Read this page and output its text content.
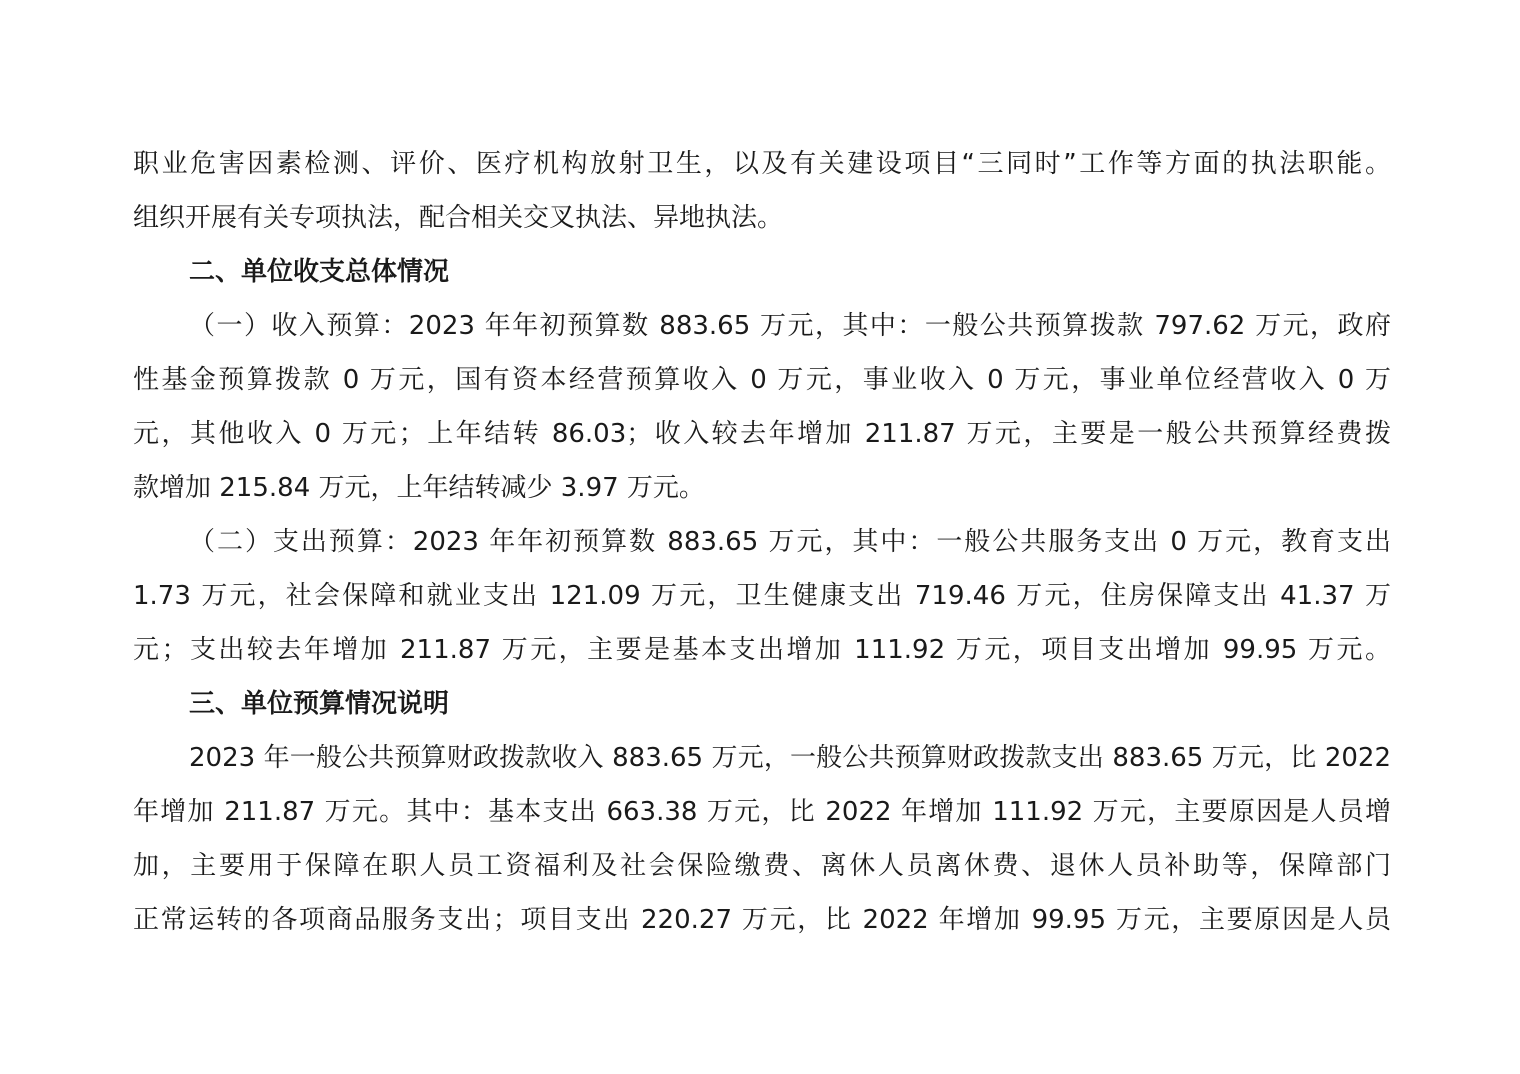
职业危害因素检测、评价、医疗机构放射卫生，以及有关建设项目“三同时”工作等方面的执法职能。
组织开展有关专项执法，配合相关交叉执法、异地执法。
二、单位收支总体情况
（一）收入预算：2023 年年初预算数 883.65 万元，其中：一般公共预算拨款 797.62 万元，政府
性基金预算拨款 0 万元，国有资本经营预算收入 0 万元，事业收入 0 万元，事业单位经营收入 0 万
元，其他收入 0 万元；上年结转 86.03；收入较去年增加 211.87 万元，主要是一般公共预算经费拨
款增加 215.84 万元，上年结转减少 3.97 万元。
（二）支出预算：2023 年年初预算数 883.65 万元，其中：一般公共服务支出 0 万元，教育支出
1.73 万元，社会保障和就业支出 121.09 万元，卫生健康支出 719.46 万元，住房保障支出 41.37 万
元；支出较去年增加 211.87 万元，主要是基本支出增加 111.92 万元，项目支出增加 99.95 万元。
三、单位预算情况说明
2023 年一般公共预算财政拨款收入 883.65 万元，一般公共预算财政拨款支出 883.65 万元，比 2022
年增加 211.87 万元。其中：基本支出 663.38 万元，比 2022 年增加 111.92 万元，主要原因是人员增
加，主要用于保障在职人员工资福利及社会保险缴费、离休人员离休费、退休人员补助等，保障部门
正常运转的各项商品服务支出；项目支出 220.27 万元，比 2022 年增加 99.95 万元，主要原因是人员
